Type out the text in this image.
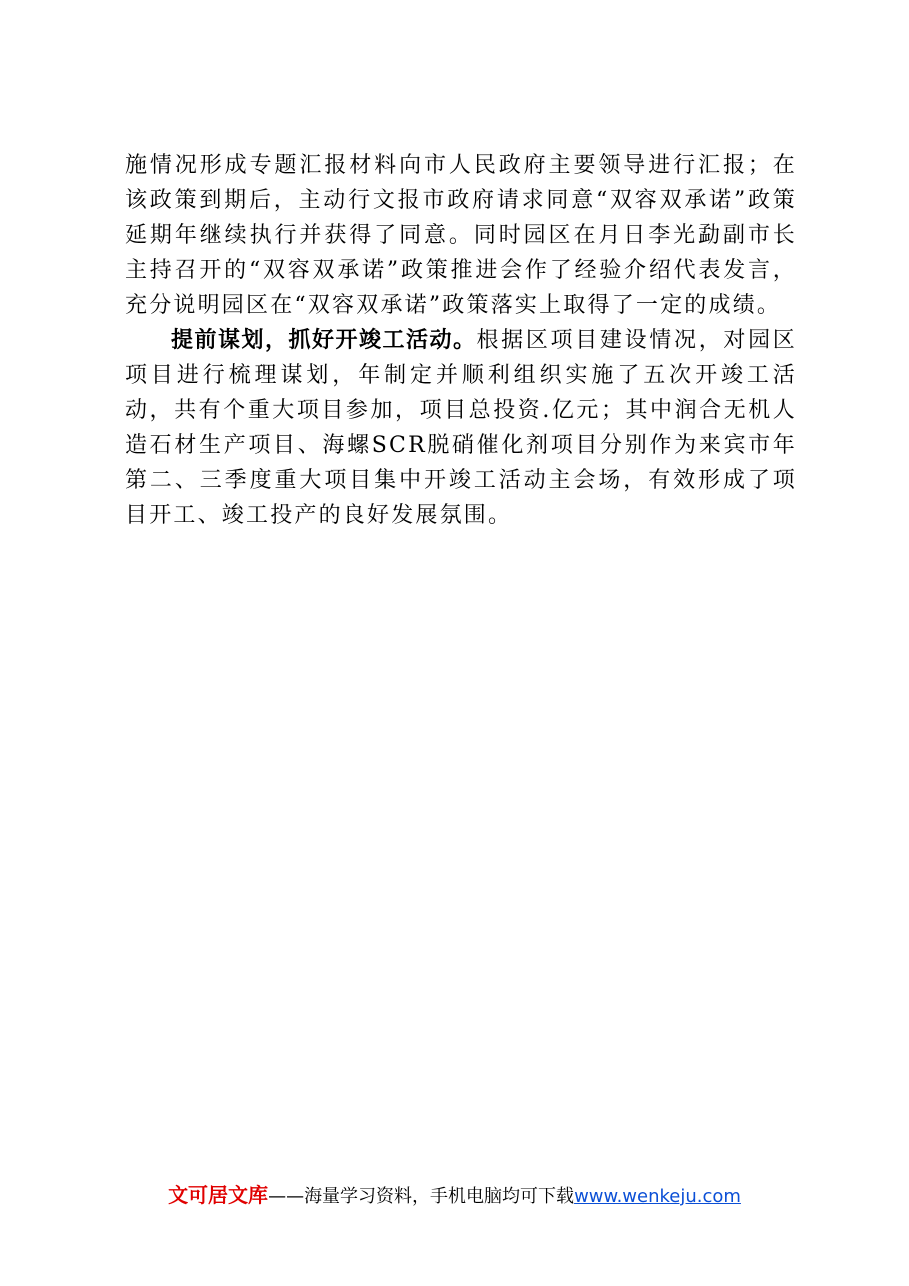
施情况形成专题汇报材料向市人民政府主要领导进行汇报；在该政策到期后，主动行文报市政府请求同意“双容双承诺”政策延期年继续执行并获得了同意。同时园区在月日李光勐副市长主持召开的“双容双承诺”政策推进会作了经验介绍代表发言，充分说明园区在“双容双承诺”政策落实上取得了一定的成绩。

提前谋划，抓好开竣工活动。根据区项目建设情况，对园区项目进行梳理谋划，年制定并顺利组织实施了五次开竣工活动，共有个重大项目参加，项目总投资.亿元；其中润合无机人造石材生产项目、海螺SCR脱硝催化剂项目分别作为来宾市年第二、三季度重大项目集中开竣工活动主会场，有效形成了项目开工、竣工投产的良好发展氛围。

文可居文库——海量学习资料，手机电脑均可下载www.wenkeju.com
